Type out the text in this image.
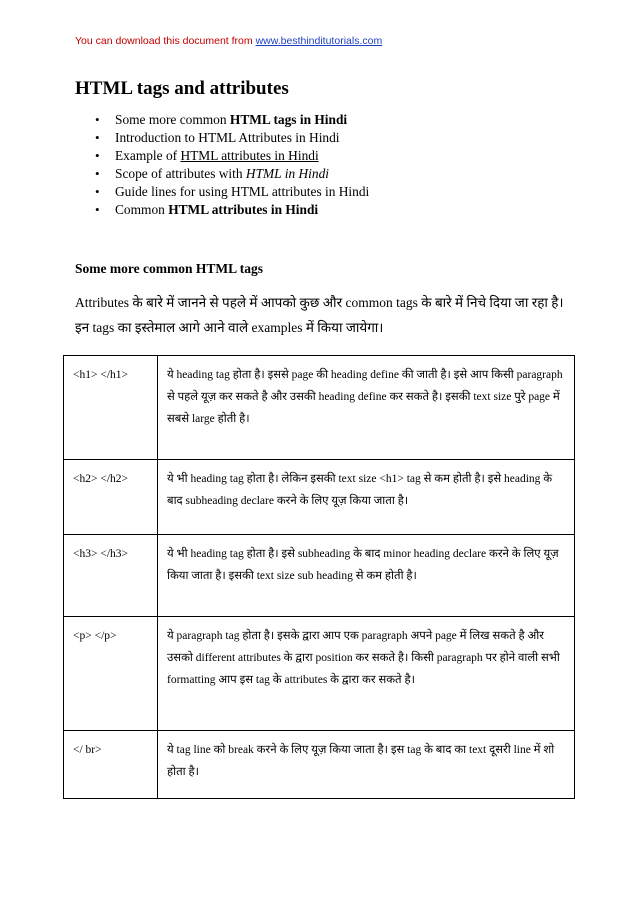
You can download this document from www.besthinditutorials.com
HTML tags and attributes
• Some more common HTML tags in Hindi
• Introduction to HTML Attributes in Hindi
• Example of HTML attributes in Hindi
• Scope of attributes with HTML in Hindi
• Guide lines for using HTML attributes in Hindi
• Common HTML attributes in Hindi
Some more common HTML tags

Attributes के बारे में जानने से पहले में आपको कुछ और common tags के बारे में निचे दिया जा रहा है। इन tags का इस्तेमाल आगे आने वाले examples में किया जायेगा।

<h1> </h1>	ये heading tag होता है। इससे page की heading define की जाती है। इसे आप किसी paragraph से पहले यूज़ कर सकते है और उसकी heading define कर सकते है। इसकी text size पुरे page में सबसे large होती है।
<h2> </h2>	ये भी heading tag होता है। लेकिन इसकी text size <h1> tag से कम होती है। इसे heading के बाद subheading declare करने के लिए यूज़ किया जाता है।
<h3> </h3>	ये भी heading tag होता है। इसे subheading के बाद minor heading declare करने के लिए यूज़ किया जाता है। इसकी text size sub heading से कम होती है।
<p> </p>	ये paragraph tag होता है। इसके द्वारा आप एक paragraph अपने page में लिख सकते है और उसको different attributes के द्वारा position कर सकते है। किसी paragraph पर होने वाली सभी formatting आप इस tag के attributes के द्वारा कर सकते है।
</ br>	ये tag line को break करने के लिए यूज़ किया जाता है। इस tag के बाद का text दूसरी line में शो होता है।
